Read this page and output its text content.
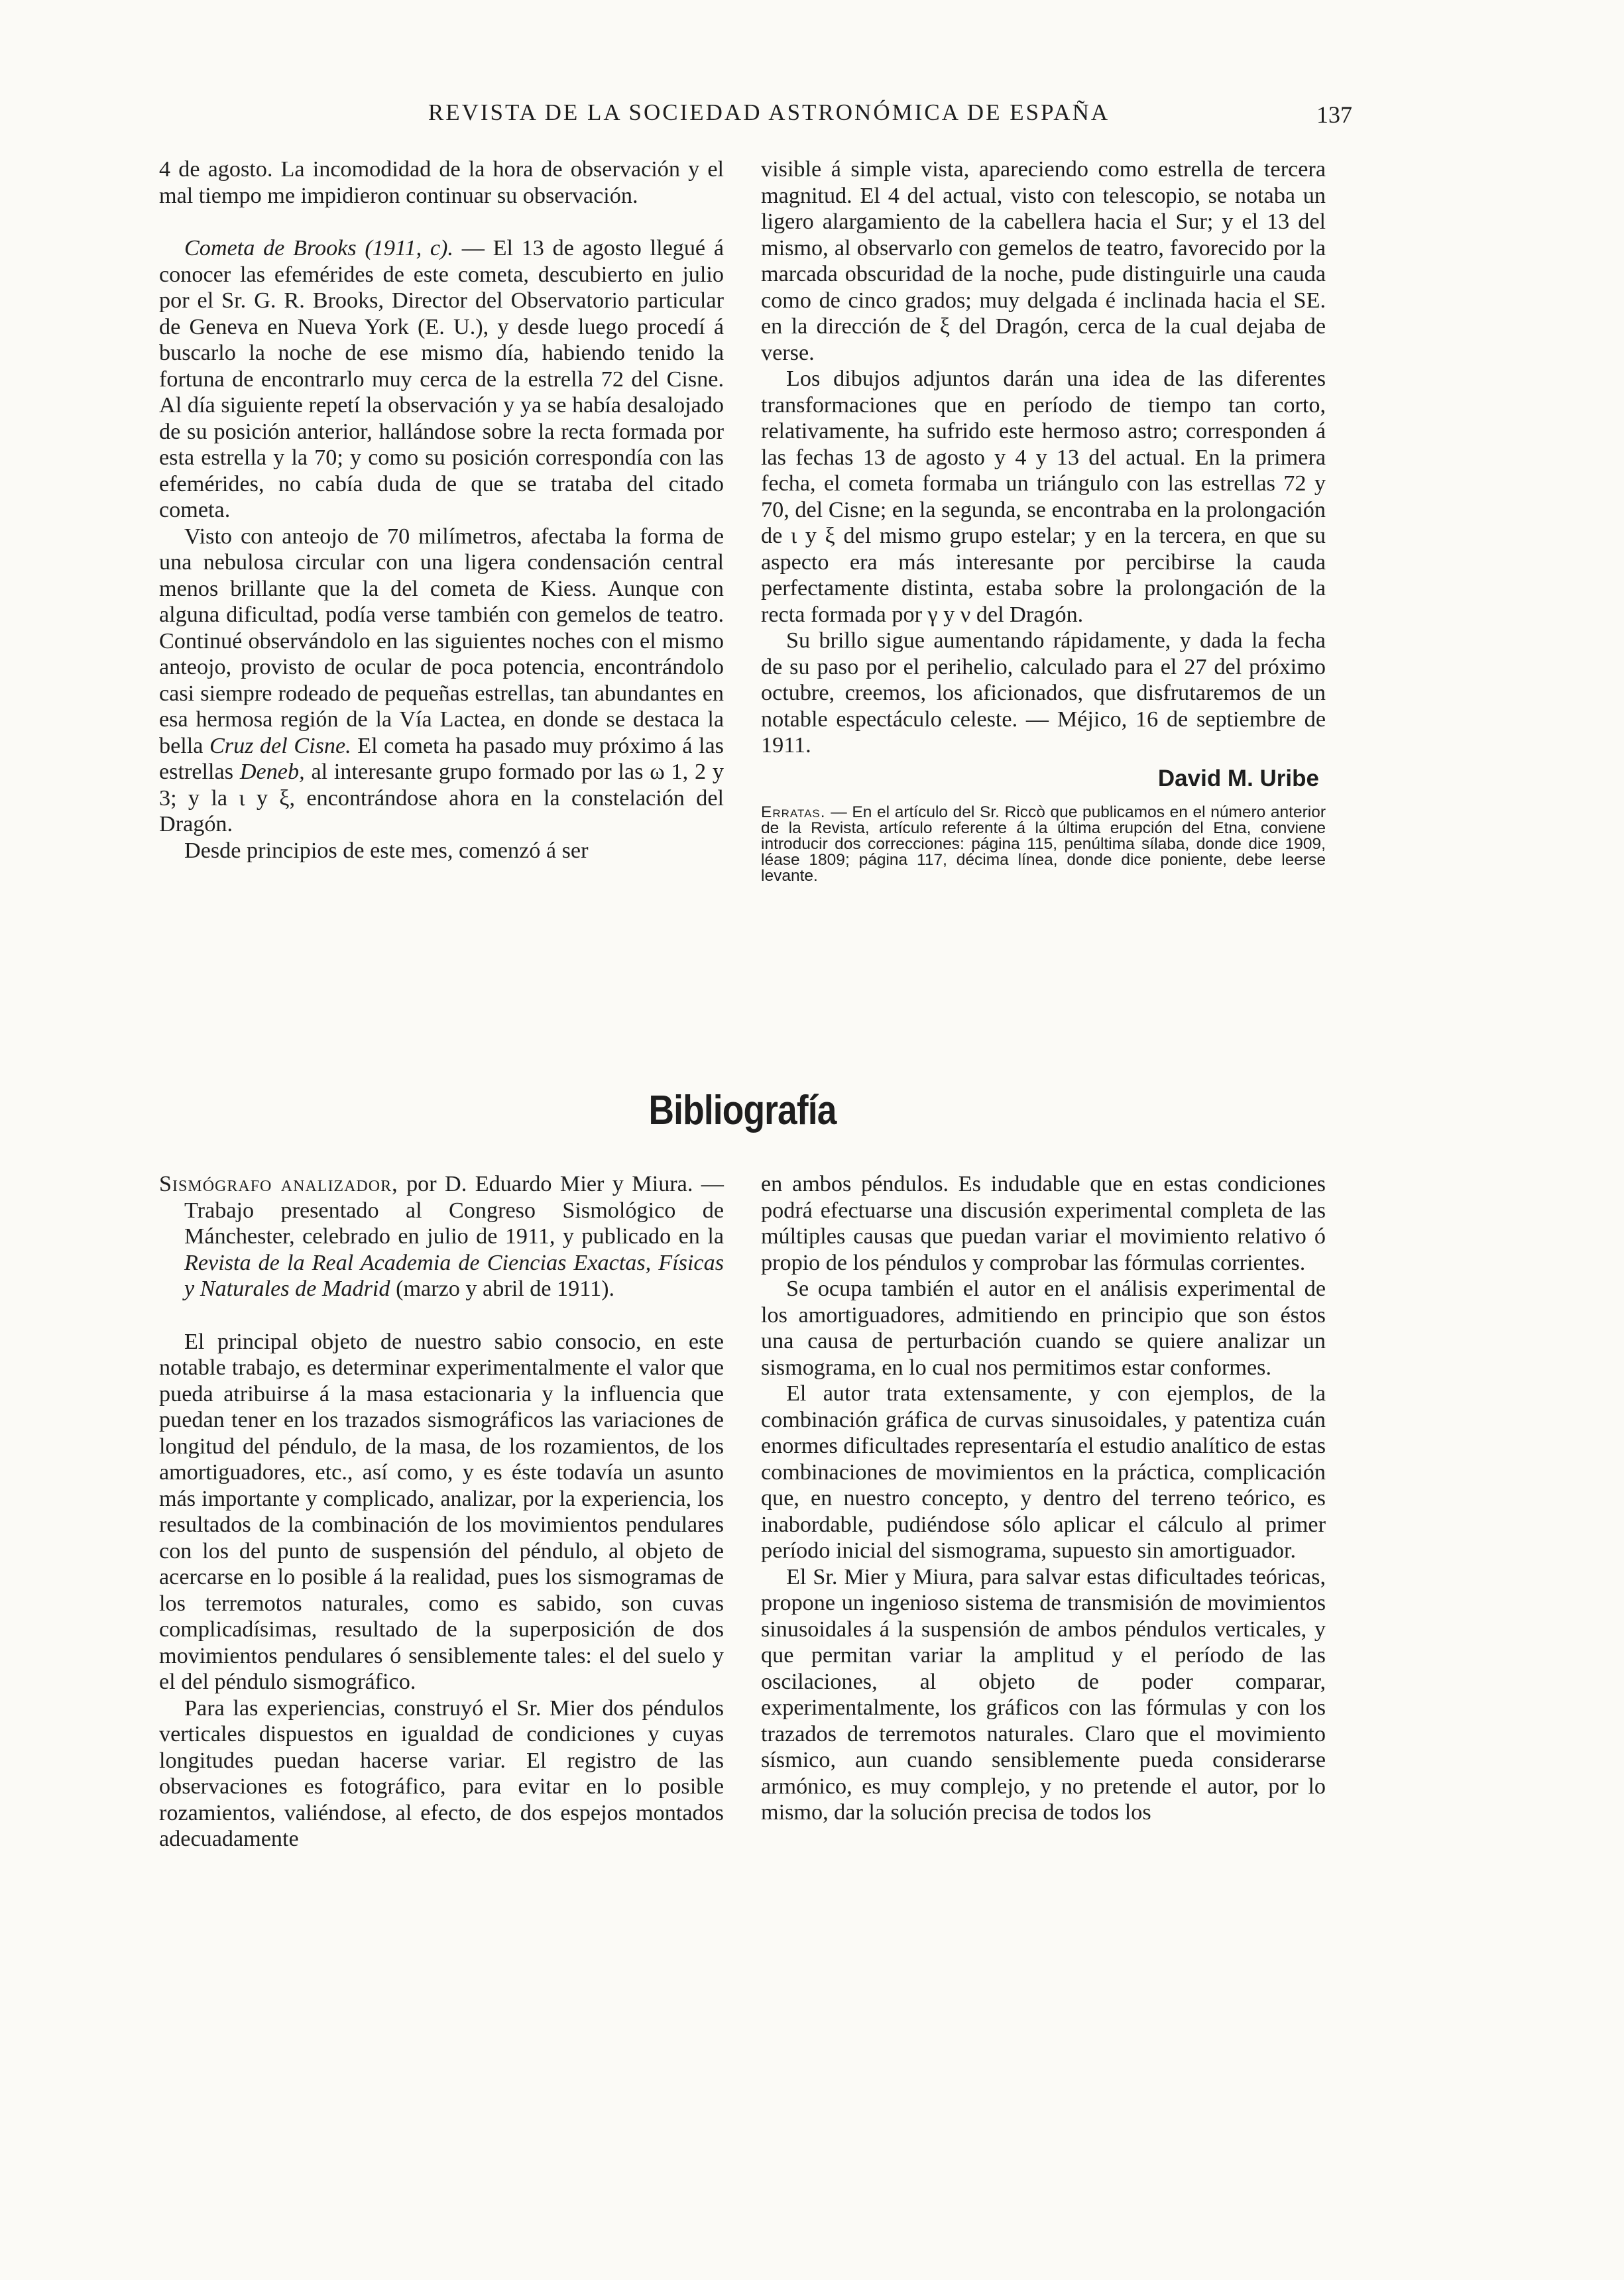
REVISTA DE LA SOCIEDAD ASTRONÓMICA DE ESPAÑA	137

4 de agosto. La incomodidad de la hora de observación y el mal tiempo me impidieron continuar su observación.

Cometa de Brooks (1911, c). — El 13 de agosto llegué á conocer las efemérides de este cometa, descubierto en julio por el Sr. G. R. Brooks, Director del Observatorio particular de Geneva en Nueva York (E. U.), y desde luego procedí á buscarlo la noche de ese mismo día, habiendo tenido la fortuna de encontrarlo muy cerca de la estrella 72 del Cisne. Al día siguiente repetí la observación y ya se había desalojado de su posición anterior, hallándose sobre la recta formada por esta estrella y la 70; y como su posición correspondía con las efemérides, no cabía duda de que se trataba del citado cometa.

Visto con anteojo de 70 milímetros, afectaba la forma de una nebulosa circular con una ligera condensación central menos brillante que la del cometa de Kiess. Aunque con alguna dificultad, podía verse también con gemelos de teatro. Continué observándolo en las siguientes noches con el mismo anteojo, provisto de ocular de poca potencia, encontrándolo casi siempre rodeado de pequeñas estrellas, tan abundantes en esa hermosa región de la Vía Lactea, en donde se destaca la bella Cruz del Cisne. El cometa ha pasado muy próximo á las estrellas Deneb, al interesante grupo formado por las ω 1, 2 y 3; y la ι y ξ, encontrándose ahora en la constelación del Dragón.

Desde principios de este mes, comenzó á ser

visible á simple vista, apareciendo como estrella de tercera magnitud. El 4 del actual, visto con telescopio, se notaba un ligero alargamiento de la cabellera hacia el Sur; y el 13 del mismo, al observarlo con gemelos de teatro, favorecido por la marcada obscuridad de la noche, pude distinguirle una cauda como de cinco grados; muy delgada é inclinada hacia el SE. en la dirección de ξ del Dragón, cerca de la cual dejaba de verse.

Los dibujos adjuntos darán una idea de las diferentes transformaciones que en período de tiempo tan corto, relativamente, ha sufrido este hermoso astro; corresponden á las fechas 13 de agosto y 4 y 13 del actual. En la primera fecha, el cometa formaba un triángulo con las estrellas 72 y 70, del Cisne; en la segunda, se encontraba en la prolongación de ι y ξ del mismo grupo estelar; y en la tercera, en que su aspecto era más interesante por percibirse la cauda perfectamente distinta, estaba sobre la prolongación de la recta formada por γ y ν del Dragón.

Su brillo sigue aumentando rápidamente, y dada la fecha de su paso por el perihelio, calculado para el 27 del próximo octubre, creemos, los aficionados, que disfrutaremos de un notable espectáculo celeste. — Méjico, 16 de septiembre de 1911.

David M. Uribe
Erratas. — En el artículo del Sr. Riccò que publicamos en el número anterior de la Revista, artículo referente á la última erupción del Etna, conviene introducir dos correcciones: página 115, penúltima sílaba, donde dice 1909, léase 1809; página 117, décima línea, donde dice poniente, debe leerse levante.
Bibliografía

Sismógrafo analizador, por D. Eduardo Mier y Miura. — Trabajo presentado al Congreso Sismológico de Mánchester, celebrado en julio de 1911, y publicado en la Revista de la Real Academia de Ciencias Exactas, Físicas y Naturales de Madrid (marzo y abril de 1911).

El principal objeto de nuestro sabio consocio, en este notable trabajo, es determinar experimentalmente el valor que pueda atribuirse á la masa estacionaria y la influencia que puedan tener en los trazados sismográficos las variaciones de longitud del péndulo, de la masa, de los rozamientos, de los amortiguadores, etc., así como, y es éste todavía un asunto más importante y complicado, analizar, por la experiencia, los resultados de la combinación de los movimientos pendulares con los del punto de suspensión del péndulo, al objeto de acercarse en lo posible á la realidad, pues los sismogramas de los terremotos naturales, como es sabido, son cuvas complicadísimas, resultado de la superposición de dos movimientos pendulares ó sensiblemente tales: el del suelo y el del péndulo sismográfico.

Para las experiencias, construyó el Sr. Mier dos péndulos verticales dispuestos en igualdad de condiciones y cuyas longitudes puedan hacerse variar. El registro de las observaciones es fotográfico, para evitar en lo posible rozamientos, valiéndose, al efecto, de dos espejos montados adecuadamente

en ambos péndulos. Es indudable que en estas condiciones podrá efectuarse una discusión experimental completa de las múltiples causas que puedan variar el movimiento relativo ó propio de los péndulos y comprobar las fórmulas corrientes.

Se ocupa también el autor en el análisis experimental de los amortiguadores, admitiendo en principio que son éstos una causa de perturbación cuando se quiere analizar un sismograma, en lo cual nos permitimos estar conformes.

El autor trata extensamente, y con ejemplos, de la combinación gráfica de curvas sinusoidales, y patentiza cuán enormes dificultades representaría el estudio analítico de estas combinaciones de movimientos en la práctica, complicación que, en nuestro concepto, y dentro del terreno teórico, es inabordable, pudiéndose sólo aplicar el cálculo al primer período inicial del sismograma, supuesto sin amortiguador.

El Sr. Mier y Miura, para salvar estas dificultades teóricas, propone un ingenioso sistema de transmisión de movimientos sinusoidales á la suspensión de ambos péndulos verticales, y que permitan variar la amplitud y el período de las oscilaciones, al objeto de poder comparar, experimentalmente, los gráficos con las fórmulas y con los trazados de terremotos naturales. Claro que el movimiento sísmico, aun cuando sensiblemente pueda considerarse armónico, es muy complejo, y no pretende el autor, por lo mismo, dar la solución precisa de todos los
